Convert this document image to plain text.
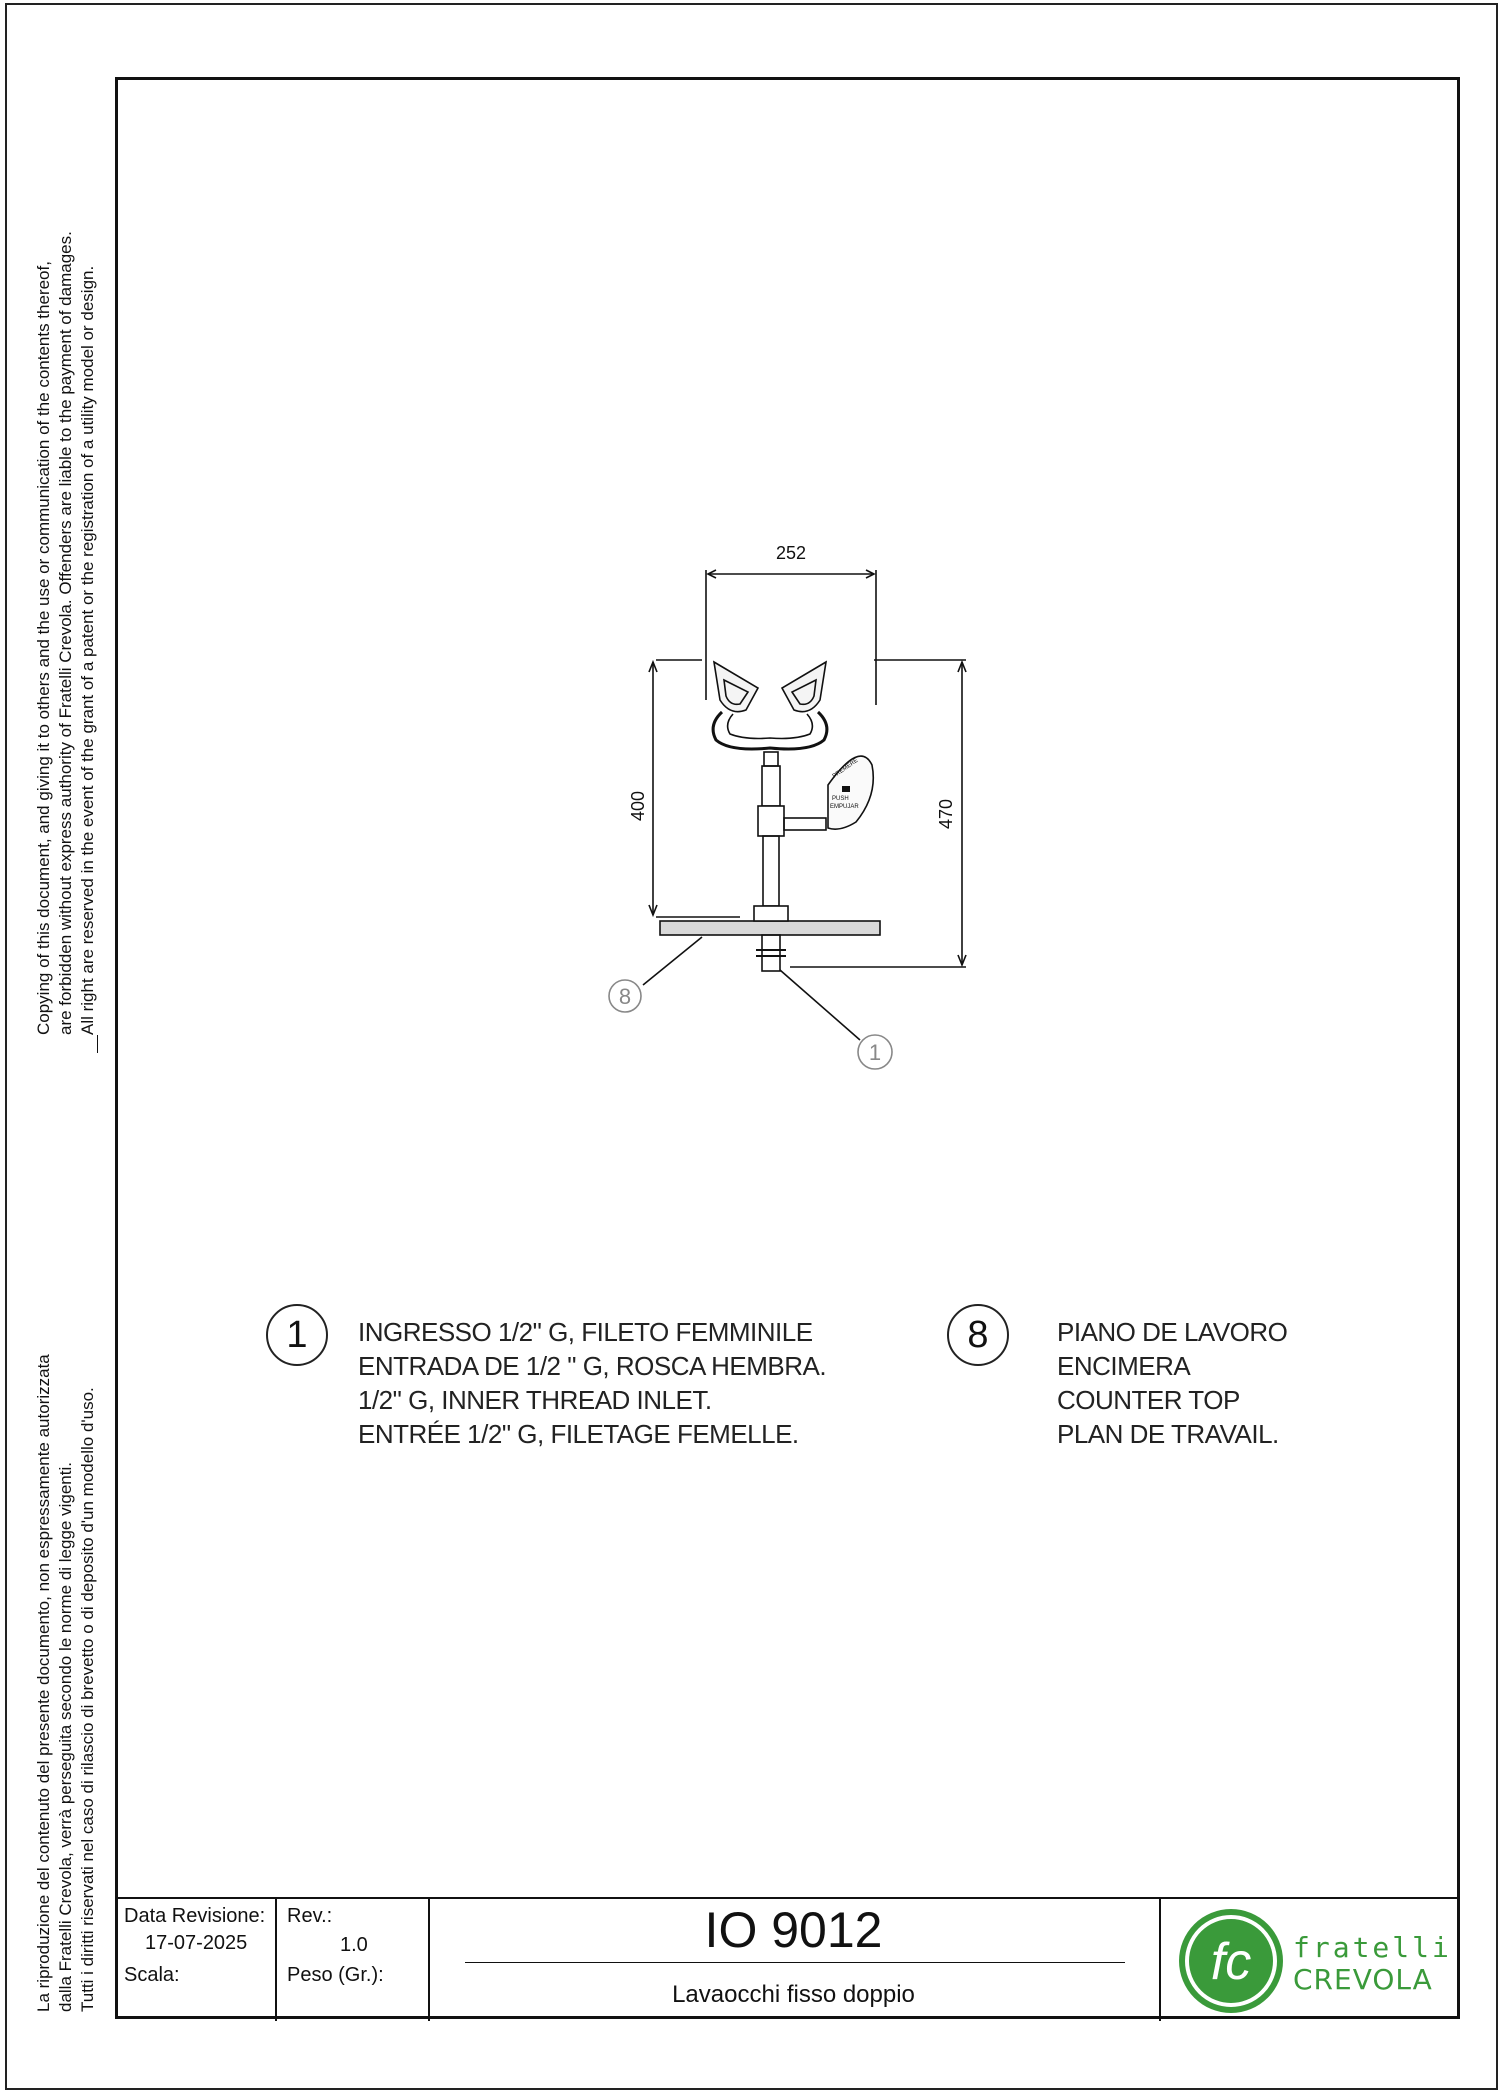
Copying of this document, and giving it to others and the use or communication of the contents thereof, are forbidden without express authority of Fratelli Crevola. Offenders are liable to the payment of damages. All right are reserved in the event of the grant of a patent or the registration of a utility model or design.
La riproduzione del contenuto del presente documento, non espressamente autorizzata dalla Fratelli Crevola, verrà perseguita secondo le norme di legge vigenti. Tutti i diritti riservati nel caso di rilascio di brevetto o di deposito d'un modello d'uso.
PREMERE
PUSH
EMPUJAR
252
400	470
8
1
1	INGRESSO 1/2" G, FILETO FEMMINILE
ENTRADA DE 1/2 " G, ROSCA HEMBRA.
1/2" G, INNER THREAD INLET.
ENTRÉE 1/2" G, FILETAGE FEMELLE.
8	PIANO DE LAVORO
ENCIMERA
COUNTER TOP
PLAN DE TRAVAIL.
Data Revisione:
17-07-2025
Scala:
Rev.:
1.0
Peso (Gr.):
IO 9012
Lavaocchi fisso doppio
fc fratelli
CREVOLA
